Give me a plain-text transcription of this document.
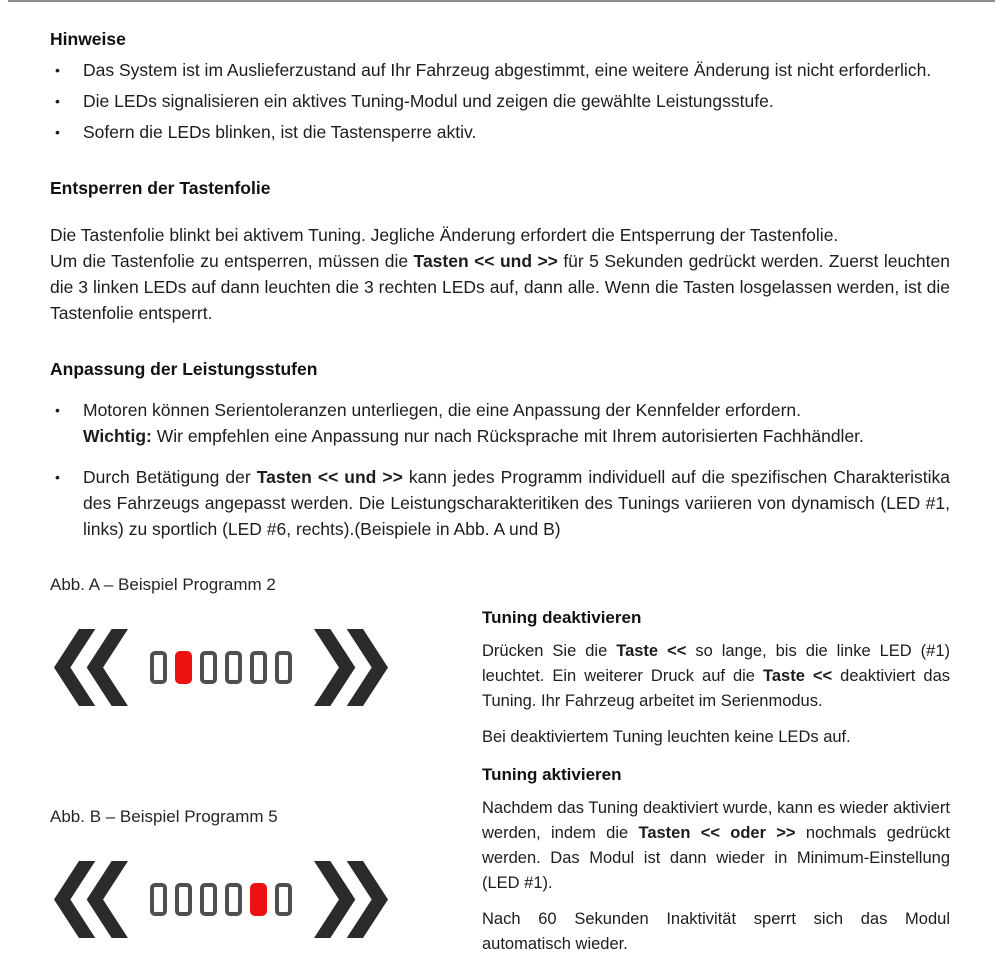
Hinweise
•	Das System ist im Auslieferzustand auf Ihr Fahrzeug abgestimmt, eine weitere Änderung ist nicht erforderlich.
•	Die LEDs signalisieren ein aktives Tuning-Modul und zeigen die gewählte Leistungsstufe.
•	Sofern die LEDs blinken, ist die Tastensperre aktiv.
Entsperren der Tastenfolie

Die Tastenfolie blinkt bei aktivem Tuning. Jegliche Änderung erfordert die Entsperrung der Tastenfolie.
Um die Tastenfolie zu entsperren, müssen die Tasten << und >> für 5 Sekunden gedrückt werden. Zuerst leuchten die 3 linken LEDs auf dann leuchten die 3 rechten LEDs auf, dann alle. Wenn die Tasten losgelassen werden, ist die Tastenfolie entsperrt.

Anpassung der Leistungsstufen
•	Motoren können Serientoleranzen unterliegen, die eine Anpassung der Kennfelder erfordern.
Wichtig: Wir empfehlen eine Anpassung nur nach Rücksprache mit Ihrem autorisierten Fachhändler.
•	Durch Betätigung der Tasten << und >> kann jedes Programm individuell auf die spezifischen Charakteristika des Fahrzeugs angepasst werden. Die Leistungscharakteritiken des Tunings variieren von dynamisch (LED #1, links) zu sportlich (LED #6, rechts).(Beispiele in Abb. A und B)
Abb. A – Beispiel Programm 2
Abb. B – Beispiel Programm 5
Tuning deaktivieren

Drücken Sie die Taste << so lange, bis die linke LED (#1) leuchtet. Ein weiterer Druck auf die Taste << deaktiviert das Tuning. Ihr Fahrzeug arbeitet im Serienmodus.

Bei deaktiviertem Tuning leuchten keine LEDs auf.

Tuning aktivieren

Nachdem das Tuning deaktiviert wurde, kann es wieder aktiviert werden, indem die Tasten << oder >> nochmals gedrückt werden. Das Modul ist dann wieder in Minimum-Einstellung (LED #1).

Nach 60 Sekunden Inaktivität sperrt sich das Modul automatisch wieder.
